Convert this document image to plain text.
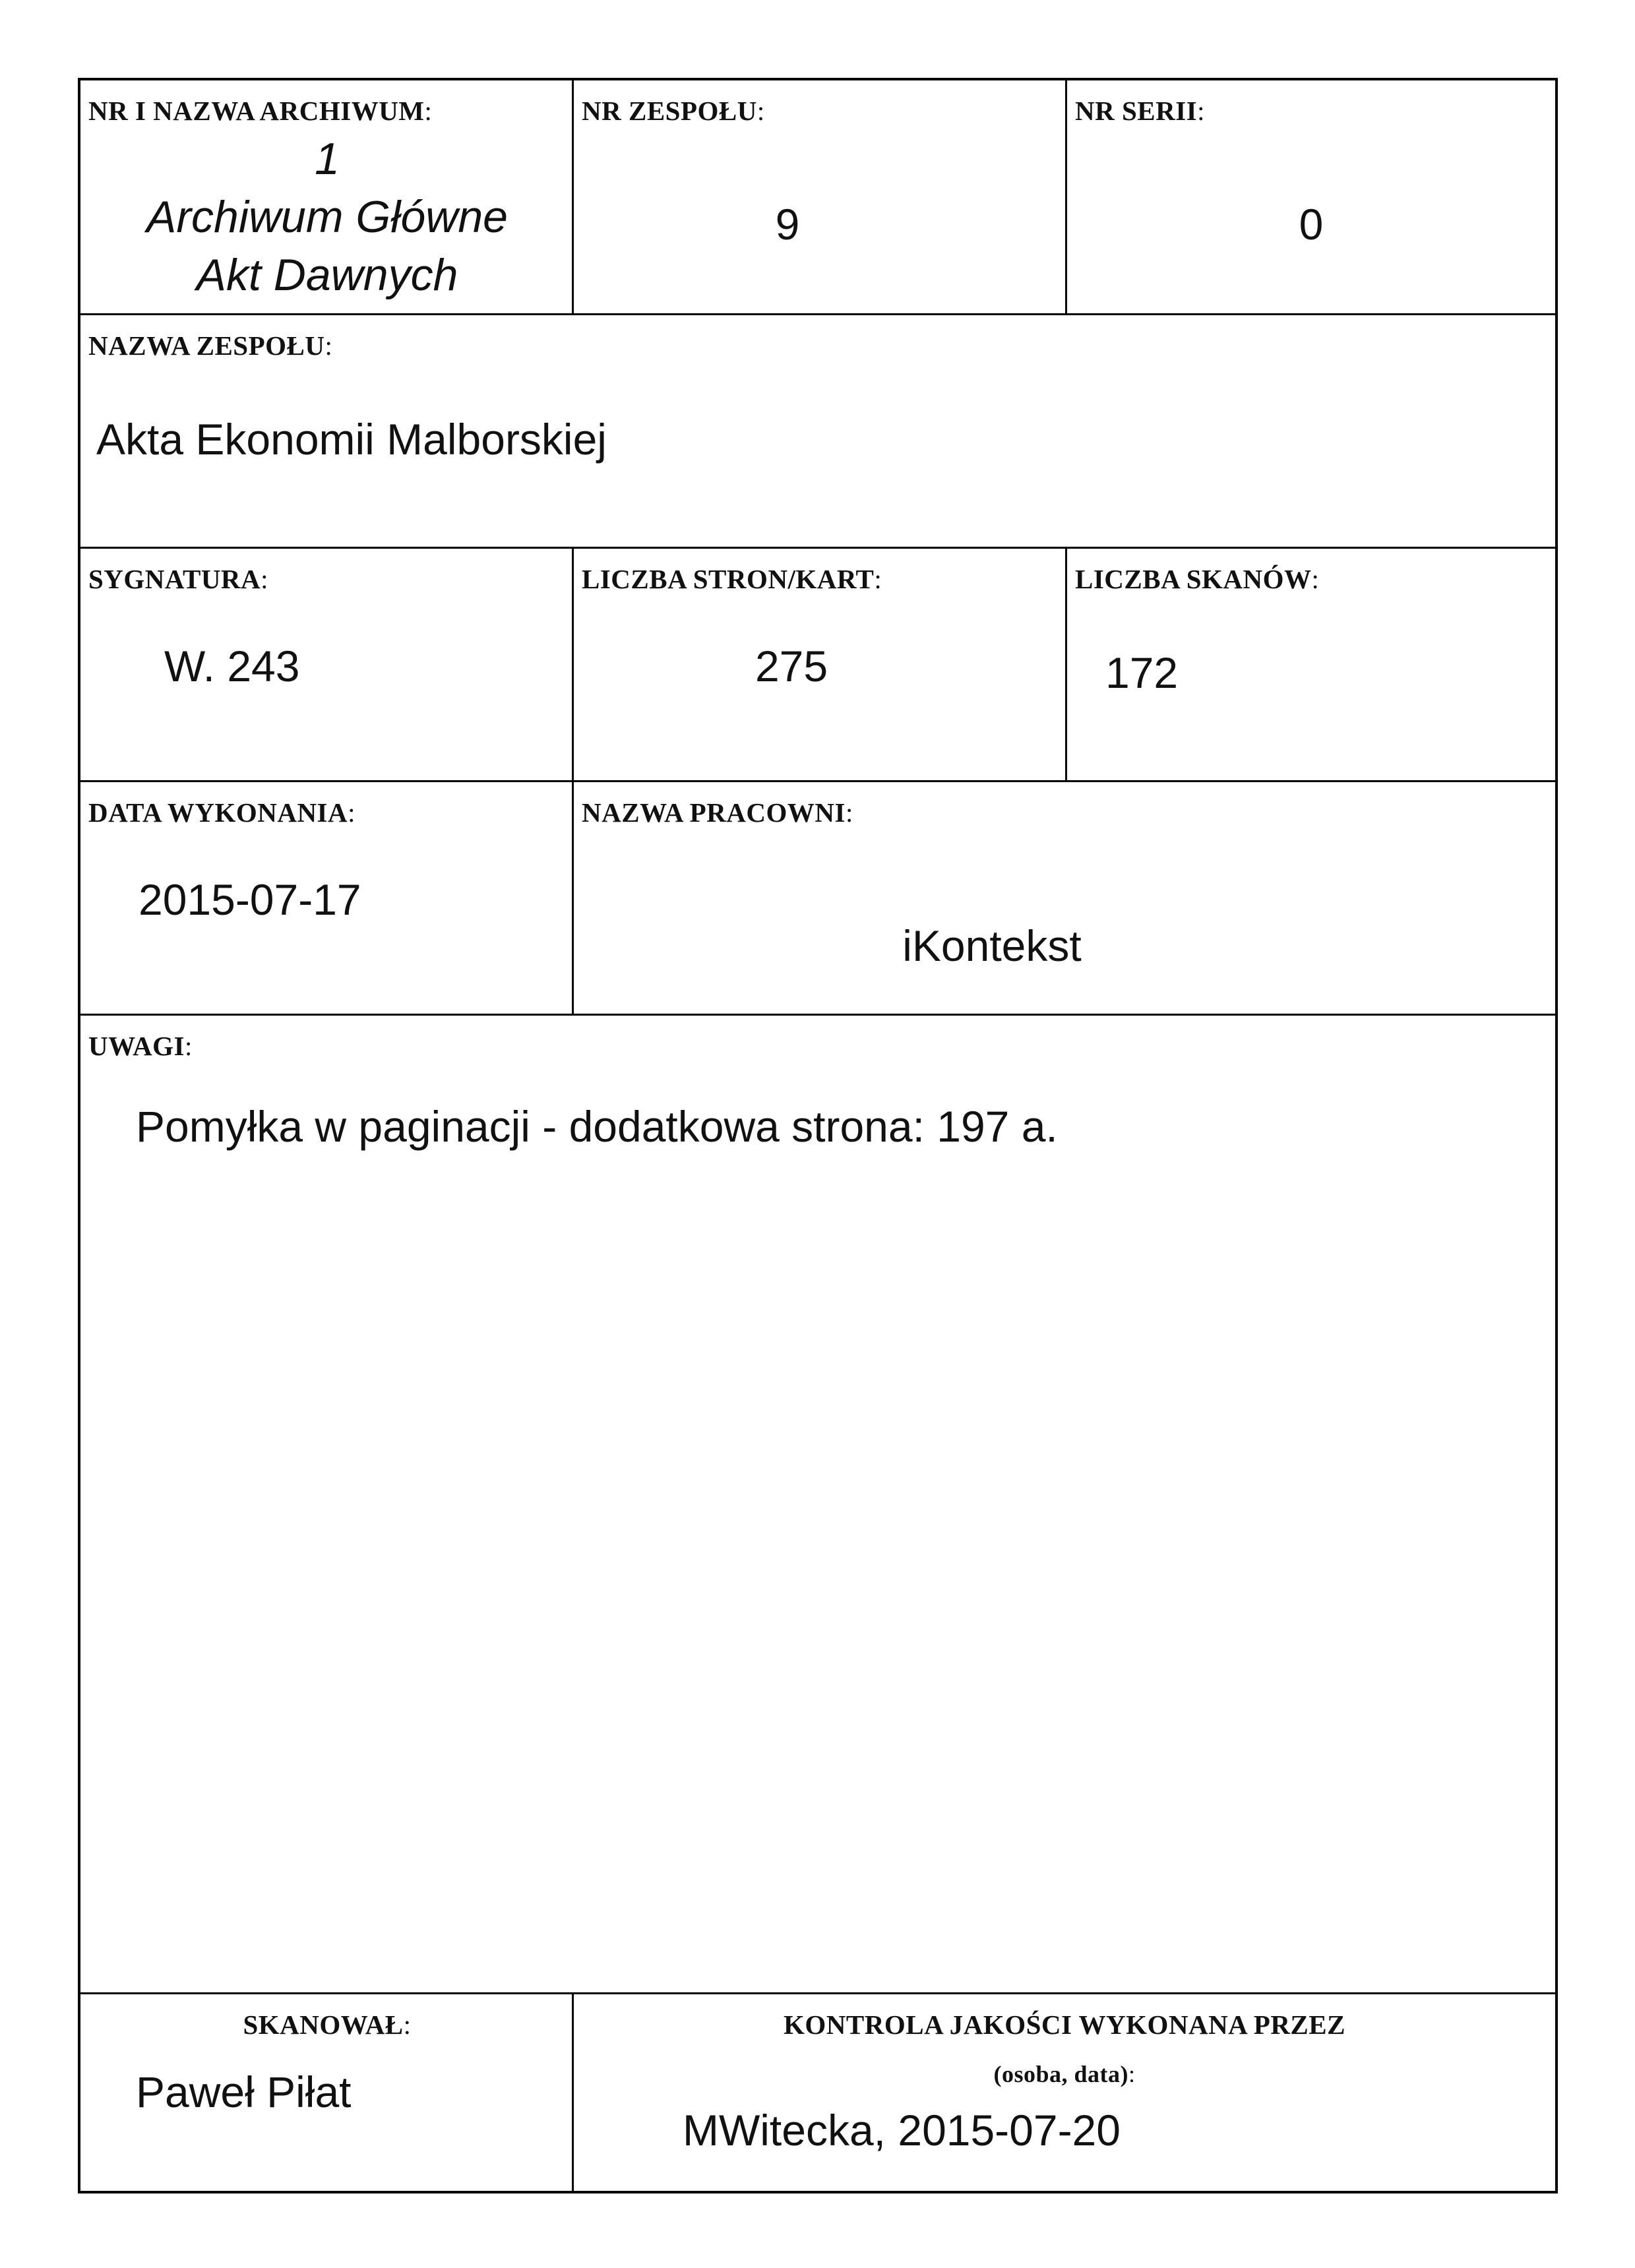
NR I NAZWA ARCHIWUM:
1
Archiwum Główne
Akt Dawnych
NR ZESPOŁU:
9
NR SERII:
0
NAZWA ZESPOŁU:
Akta Ekonomii Malborskiej
SYGNATURA:
W. 243
LICZBA STRON/KART:
275
LICZBA SKANÓW:
172
DATA WYKONANIA:
2015-07-17
NAZWA PRACOWNI:
iKontekst
UWAGI:
Pomyłka w paginacji - dodatkowa strona: 197 a.
SKANOWAŁ:
Paweł Piłat
KONTROLA JAKOŚCI WYKONANA PRZEZ
(osoba, data):
MWitecka, 2015-07-20
